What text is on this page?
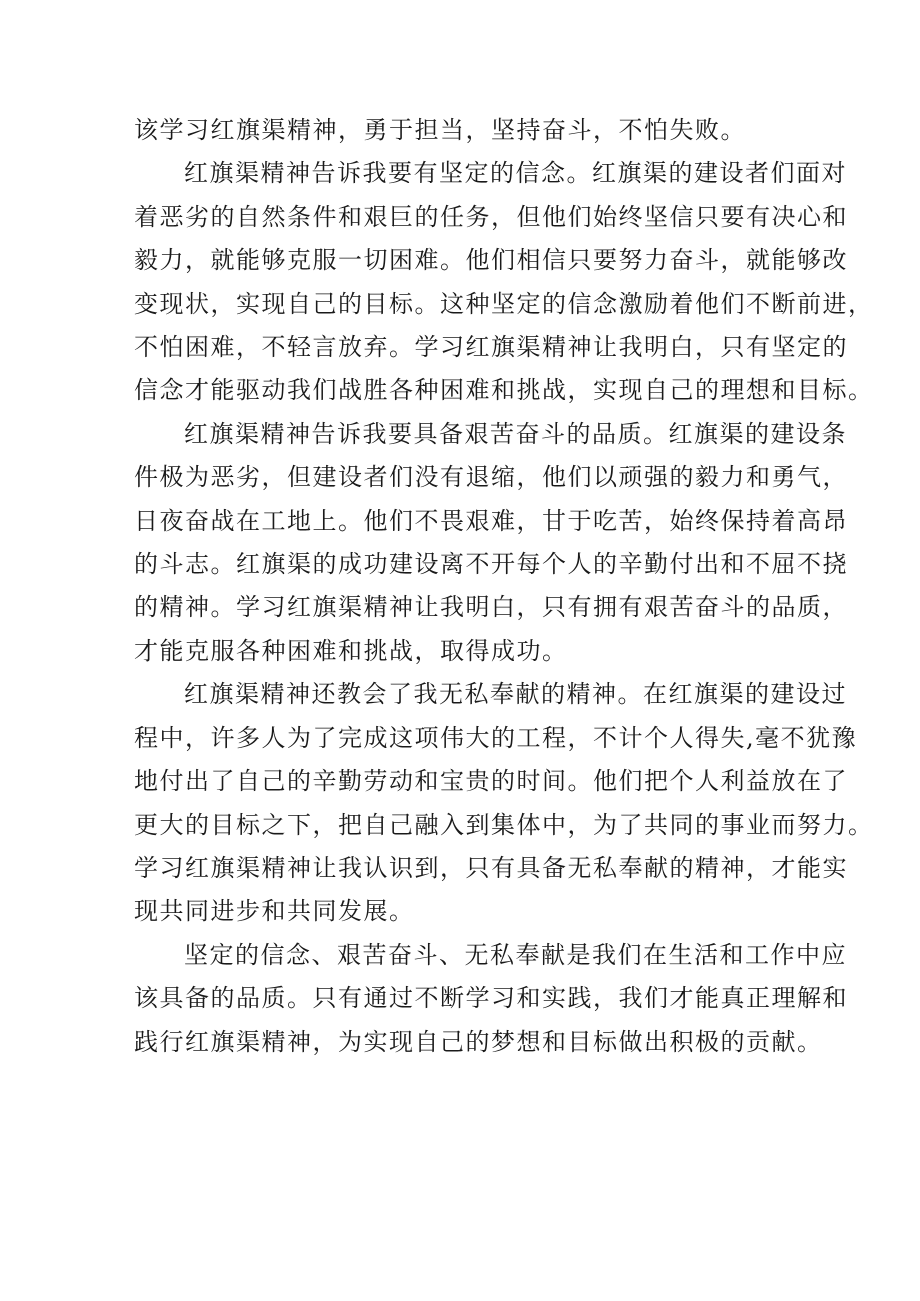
该学习红旗渠精神，勇于担当，坚持奋斗，不怕失败。
红旗渠精神告诉我要有坚定的信念。红旗渠的建设者们面对
着恶劣的自然条件和艰巨的任务，但他们始终坚信只要有决心和
毅力，就能够克服一切困难。他们相信只要努力奋斗，就能够改
变现状，实现自己的目标。这种坚定的信念激励着他们不断前进，
不怕困难，不轻言放弃。学习红旗渠精神让我明白，只有坚定的
信念才能驱动我们战胜各种困难和挑战，实现自己的理想和目标。
红旗渠精神告诉我要具备艰苦奋斗的品质。红旗渠的建设条
件极为恶劣，但建设者们没有退缩，他们以顽强的毅力和勇气，
日夜奋战在工地上。他们不畏艰难，甘于吃苦，始终保持着高昂
的斗志。红旗渠的成功建设离不开每个人的辛勤付出和不屈不挠
的精神。学习红旗渠精神让我明白，只有拥有艰苦奋斗的品质，
才能克服各种困难和挑战，取得成功。
红旗渠精神还教会了我无私奉献的精神。在红旗渠的建设过
程中，许多人为了完成这项伟大的工程，不计个人得失,毫不犹豫
地付出了自己的辛勤劳动和宝贵的时间。他们把个人利益放在了
更大的目标之下，把自己融入到集体中，为了共同的事业而努力。
学习红旗渠精神让我认识到，只有具备无私奉献的精神，才能实
现共同进步和共同发展。
坚定的信念、艰苦奋斗、无私奉献是我们在生活和工作中应
该具备的品质。只有通过不断学习和实践，我们才能真正理解和
践行红旗渠精神，为实现自己的梦想和目标做出积极的贡献。
